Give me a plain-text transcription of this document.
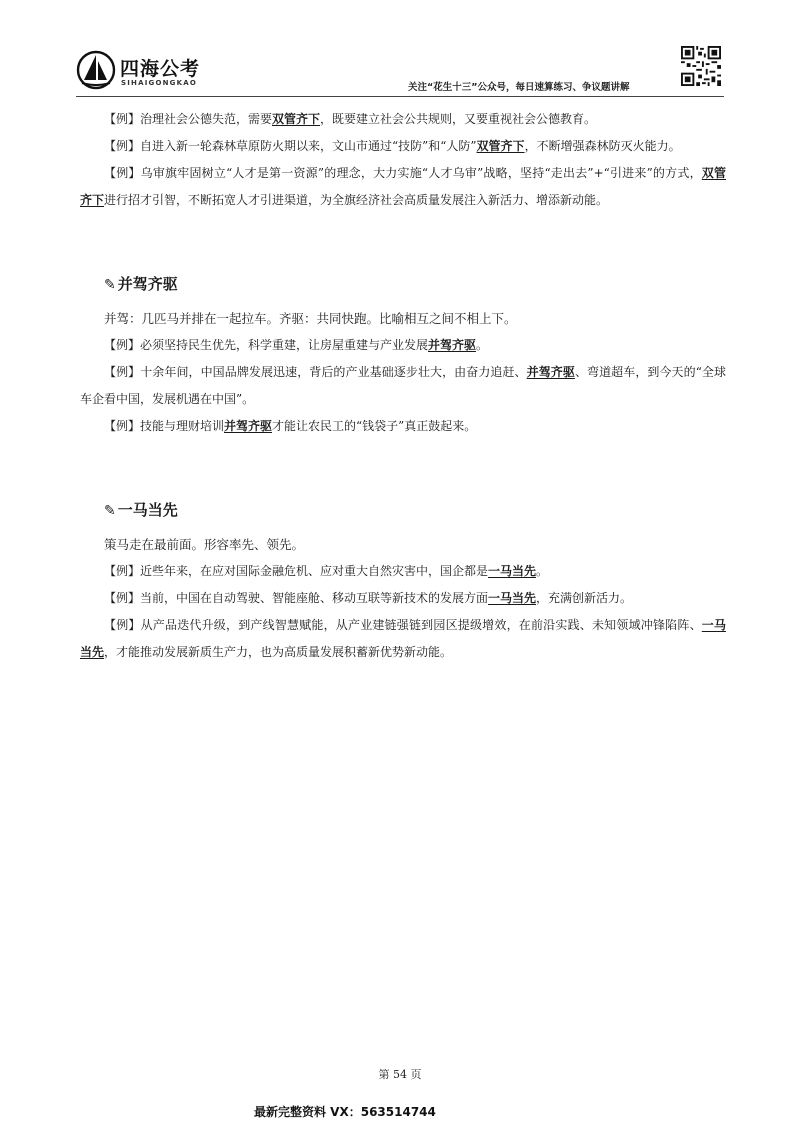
四海公考
SIHAIGONGKAO	关注“花生十三”公众号，每日速算练习、争议题讲解

【例】治理社会公德失范，需要双管齐下，既要建立社会公共规则，又要重视社会公德教育。

【例】自进入新一轮森林草原防火期以来，文山市通过“技防”和“人防”双管齐下，不断增强森林防灭火能力。

【例】乌审旗牢固树立“人才是第一资源”的理念，大力实施“人才乌审”战略，坚持“走出去”+“引进来”的方式，双管齐下进行招才引智，不断拓宽人才引进渠道，为全旗经济社会高质量发展注入新活力、增添新动能。

✎ 并驾齐驱

并驾：几匹马并排在一起拉车。齐驱：共同快跑。比喻相互之间不相上下。

【例】必须坚持民生优先，科学重建，让房屋重建与产业发展并驾齐驱。

【例】十余年间，中国品牌发展迅速，背后的产业基础逐步壮大，由奋力追赶、并驾齐驱、弯道超车，到今天的“全球车企看中国，发展机遇在中国”。

【例】技能与理财培训并驾齐驱才能让农民工的“钱袋子”真正鼓起来。

✎ 一马当先

策马走在最前面。形容率先、领先。

【例】近些年来，在应对国际金融危机、应对重大自然灾害中，国企都是一马当先。

【例】当前，中国在自动驾驶、智能座舱、移动互联等新技术的发展方面一马当先，充满创新活力。

【例】从产品迭代升级，到产线智慧赋能，从产业建链强链到园区提级增效，在前沿实践、未知领域冲锋陷阵、一马当先，才能推动发展新质生产力，也为高质量发展积蓄新优势新动能。

第 54 页
最新完整资料 VX：563514744
